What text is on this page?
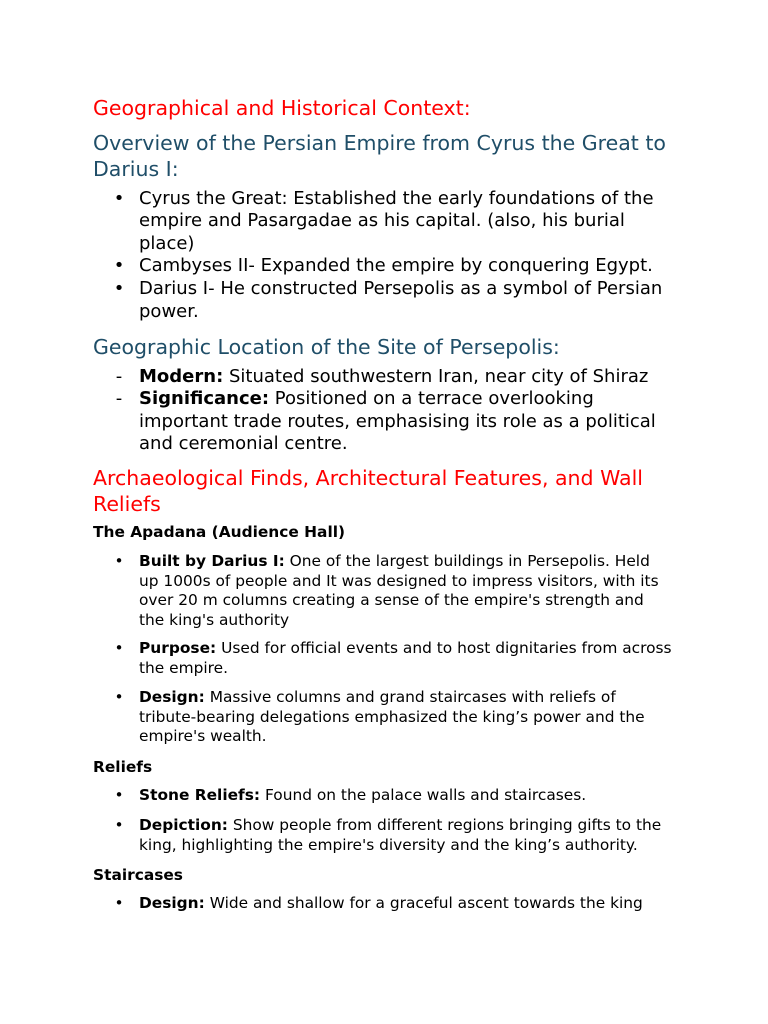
Geographical and Historical Context:
Overview of the Persian Empire from Cyrus the Great to
Darius I:
• Cyrus the Great: Established the early foundations of the
empire and Pasargadae as his capital. (also, his burial
place)
• Cambyses II- Expanded the empire by conquering Egypt.
• Darius I- He constructed Persepolis as a symbol of Persian
power.
Geographic Location of the Site of Persepolis:
- Modern: Situated southwestern Iran, near city of Shiraz
- Significance: Positioned on a terrace overlooking
important trade routes, emphasising its role as a political
and ceremonial centre.
Archaeological Finds, Architectural Features, and Wall
Reliefs
The Apadana (Audience Hall)
• Built by Darius I: One of the largest buildings in Persepolis. Held
up 1000s of people and It was designed to impress visitors, with its
over 20 m columns creating a sense of the empire's strength and
the king's authority
• Purpose: Used for official events and to host dignitaries from across
the empire.
• Design: Massive columns and grand staircases with reliefs of
tribute-bearing delegations emphasized the king’s power and the
empire's wealth.
Reliefs
• Stone Reliefs: Found on the palace walls and staircases.
• Depiction: Show people from different regions bringing gifts to the
king, highlighting the empire's diversity and the king’s authority.
Staircases
• Design: Wide and shallow for a graceful ascent towards the king
